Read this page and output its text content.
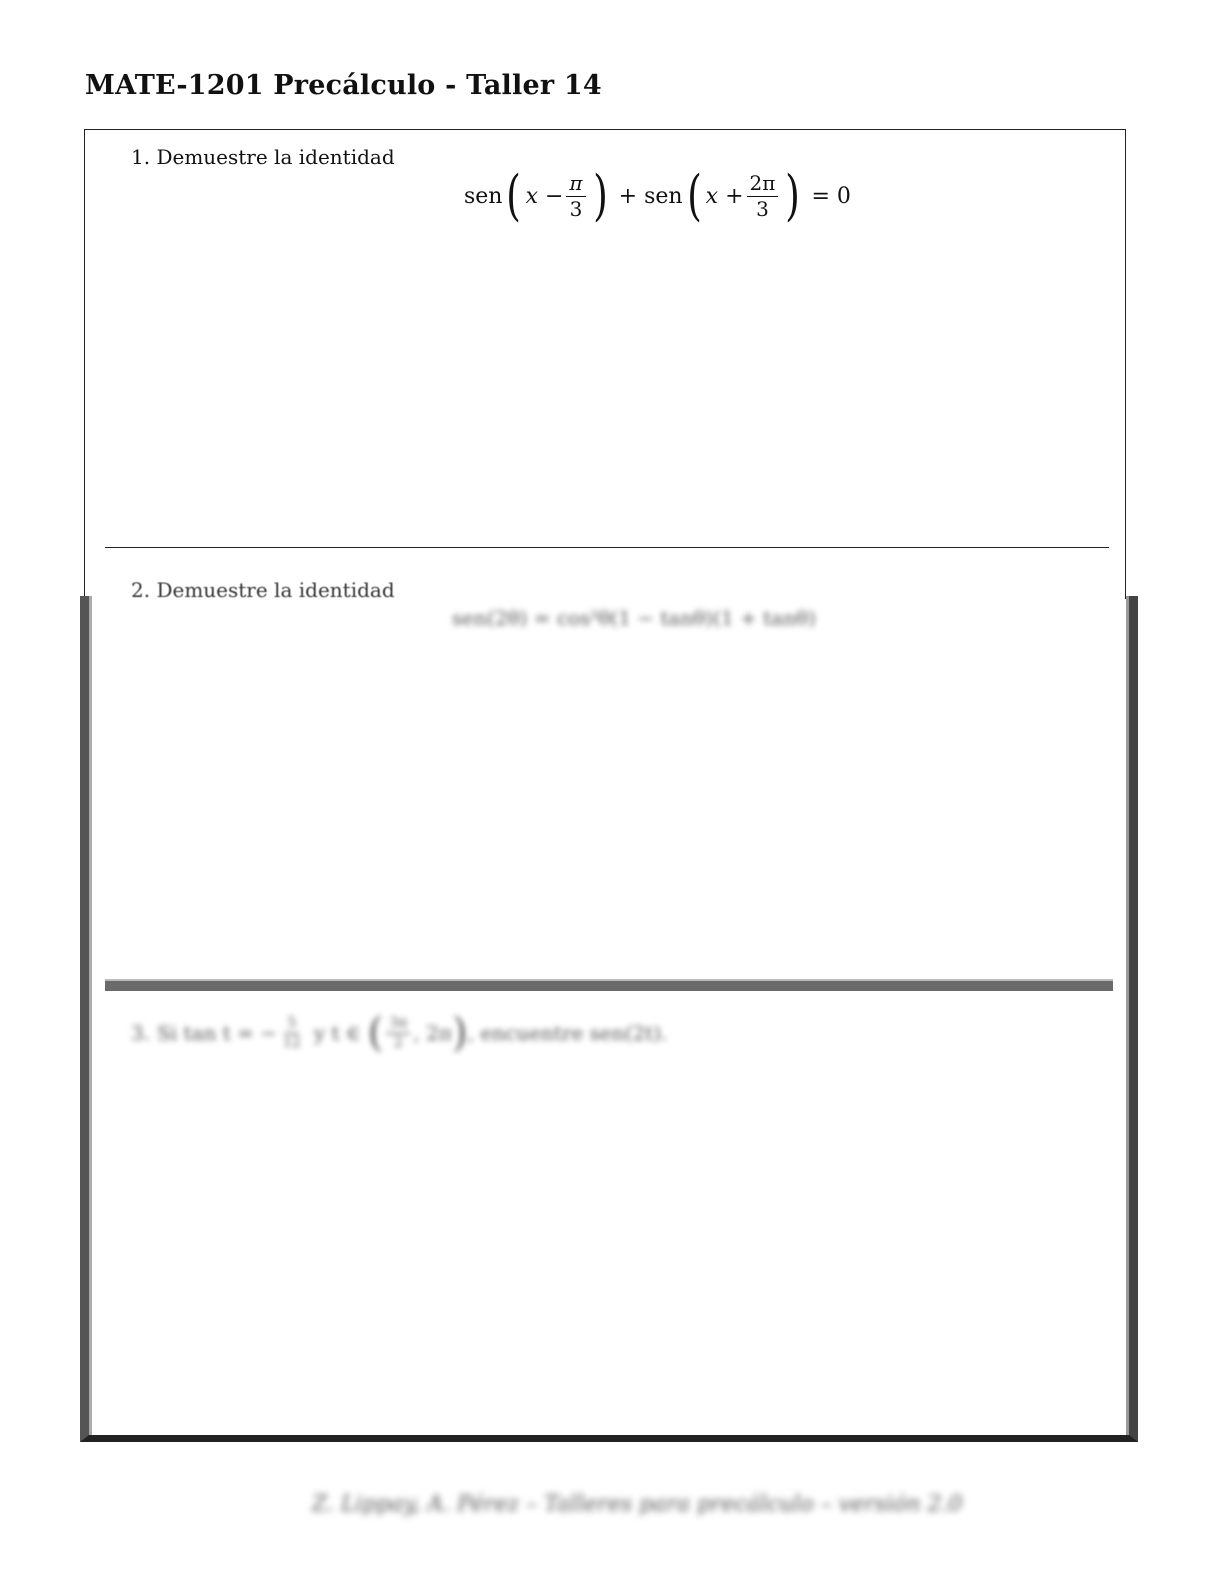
MATE-1201 Precálculo - Taller 14
1. Demuestre la identidad
sen ( $x - \frac{\pi}{3}$ ) + sen ( $x + \frac{2\pi}{3}$ ) = 0
2. Demuestre la identidad
sen(2θ) = cos²θ(1 − tanθ)(1 + tanθ)
3. Si tan t = − $\frac{5}{12}$ y t ∈ ( $\frac{3\pi}{2}$ , 2π ) , encuentre sen(2t).
Z. Lippay, A. Pérez – Talleres para precálculo – versión 2.0
